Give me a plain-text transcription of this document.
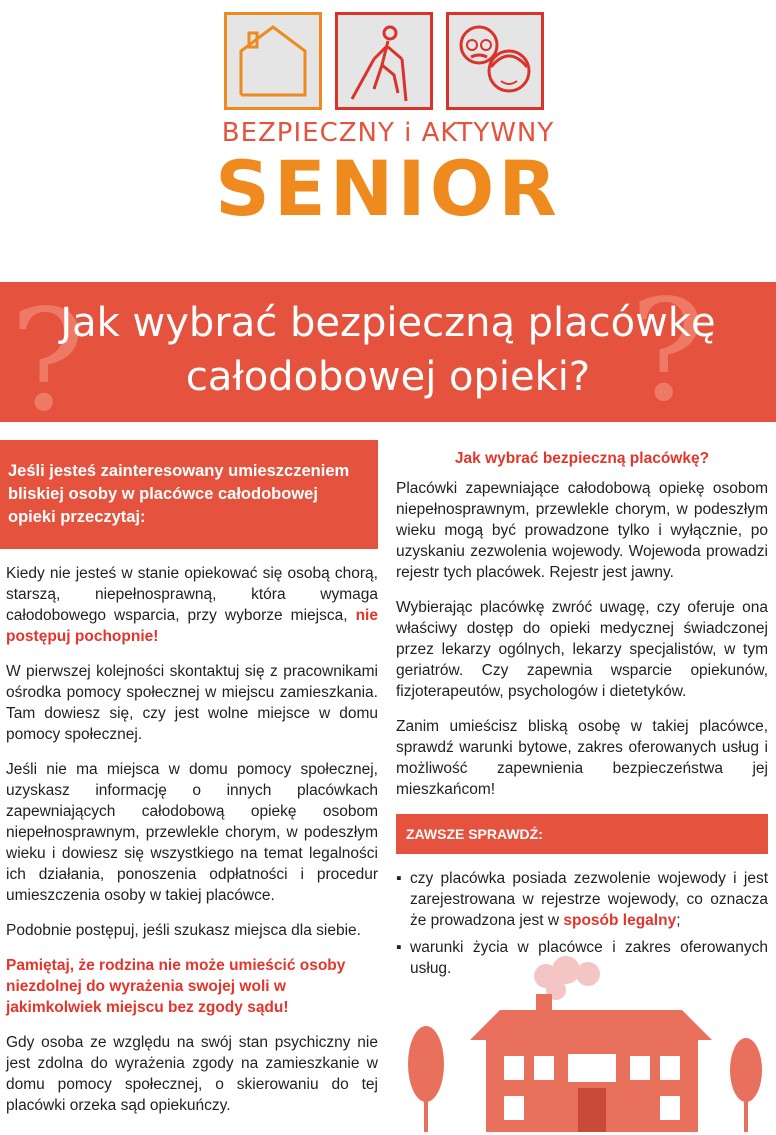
BEZPIECZNY i AKTYWNY
SENIOR
?	?
Jak wybrać bezpieczną placówkę
całodobowej opieki?
Jeśli jesteś zainteresowany umieszczeniem bliskiej osoby w placówce całodobowej opieki przeczytaj:

Kiedy nie jesteś w stanie opiekować się osobą chorą, starszą, niepełnosprawną, która wymaga całodobowego wsparcia, przy wyborze miejsca, nie postępuj pochopnie!

W pierwszej kolejności skontaktuj się z pracownikami ośrodka pomocy społecznej w miejscu zamieszkania. Tam dowiesz się, czy jest wolne miejsce w domu pomocy społecznej.

Jeśli nie ma miejsca w domu pomocy społecznej, uzyskasz informację o innych placówkach zapewniających całodobową opiekę osobom niepełnosprawnym, przewlekle chorym, w podeszłym wieku i dowiesz się wszystkiego na temat legalności ich działania, ponoszenia odpłatności i procedur umieszczenia osoby w takiej placówce.

Podobnie postępuj, jeśli szukasz miejsca dla siebie.

Pamiętaj, że rodzina nie może umieścić osoby niezdolnej do wyrażenia swojej woli w jakimkolwiek miejscu bez zgody sądu!

Gdy osoba ze względu na swój stan psychiczny nie jest zdolna do wyrażenia zgody na zamieszkanie w domu pomocy społecznej, o skierowaniu do tej placówki orzeka sąd opiekuńczy.

Jak wybrać bezpieczną placówkę?

Placówki zapewniające całodobową opiekę osobom niepełnosprawnym, przewlekle chorym, w podeszłym wieku mogą być prowadzone tylko i wyłącznie, po uzyskaniu zezwolenia wojewody. Wojewoda prowadzi rejestr tych placówek. Rejestr jest jawny.

Wybierając placówkę zwróć uwagę, czy oferuje ona właściwy dostęp do opieki medycznej świadczonej przez lekarzy ogólnych, lekarzy specjalistów, w tym geriatrów. Czy zapewnia wsparcie opiekunów, fizjoterapeutów, psychologów i dietetyków.

Zanim umieścisz bliską osobę w takiej placówce, sprawdź warunki bytowe, zakres oferowanych usług i możliwość zapewnienia bezpieczeństwa jej mieszkańcom!

ZAWSZE SPRAWDŹ:
▪ czy placówka posiada zezwolenie wojewody i jest zarejestrowana w rejestrze wojewody, co oznacza że prowadzona jest w sposób legalny;
▪ warunki życia w placówce i zakres oferowanych usług.
